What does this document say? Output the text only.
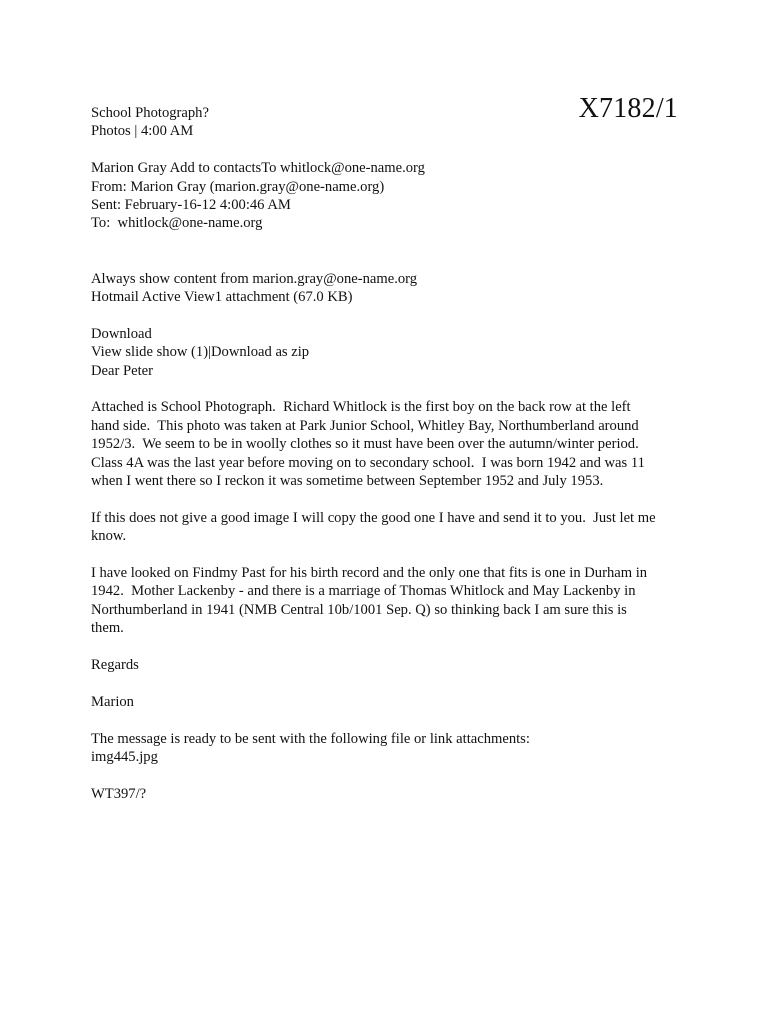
X7182/1
School Photograph?
Photos | 4:00 AM
Marion Gray Add to contactsTo whitlock@one-name.org
From: Marion Gray (marion.gray@one-name.org)
Sent: February-16-12 4:00:46 AM
To:  whitlock@one-name.org
Always show content from marion.gray@one-name.org
Hotmail Active View1 attachment (67.0 KB)
Download
View slide show (1)|Download as zip
Dear Peter
Attached is School Photograph.  Richard Whitlock is the first boy on the back row at the left
hand side.  This photo was taken at Park Junior School, Whitley Bay, Northumberland around
1952/3.  We seem to be in woolly clothes so it must have been over the autumn/winter period.
Class 4A was the last year before moving on to secondary school.  I was born 1942 and was 11
when I went there so I reckon it was sometime between September 1952 and July 1953.
If this does not give a good image I will copy the good one I have and send it to you.  Just let me
know.
I have looked on Findmy Past for his birth record and the only one that fits is one in Durham in
1942.  Mother Lackenby - and there is a marriage of Thomas Whitlock and May Lackenby in
Northumberland in 1941 (NMB Central 10b/1001 Sep. Q) so thinking back I am sure this is
them.
Regards
Marion
The message is ready to be sent with the following file or link attachments:
img445.jpg
WT397/?
